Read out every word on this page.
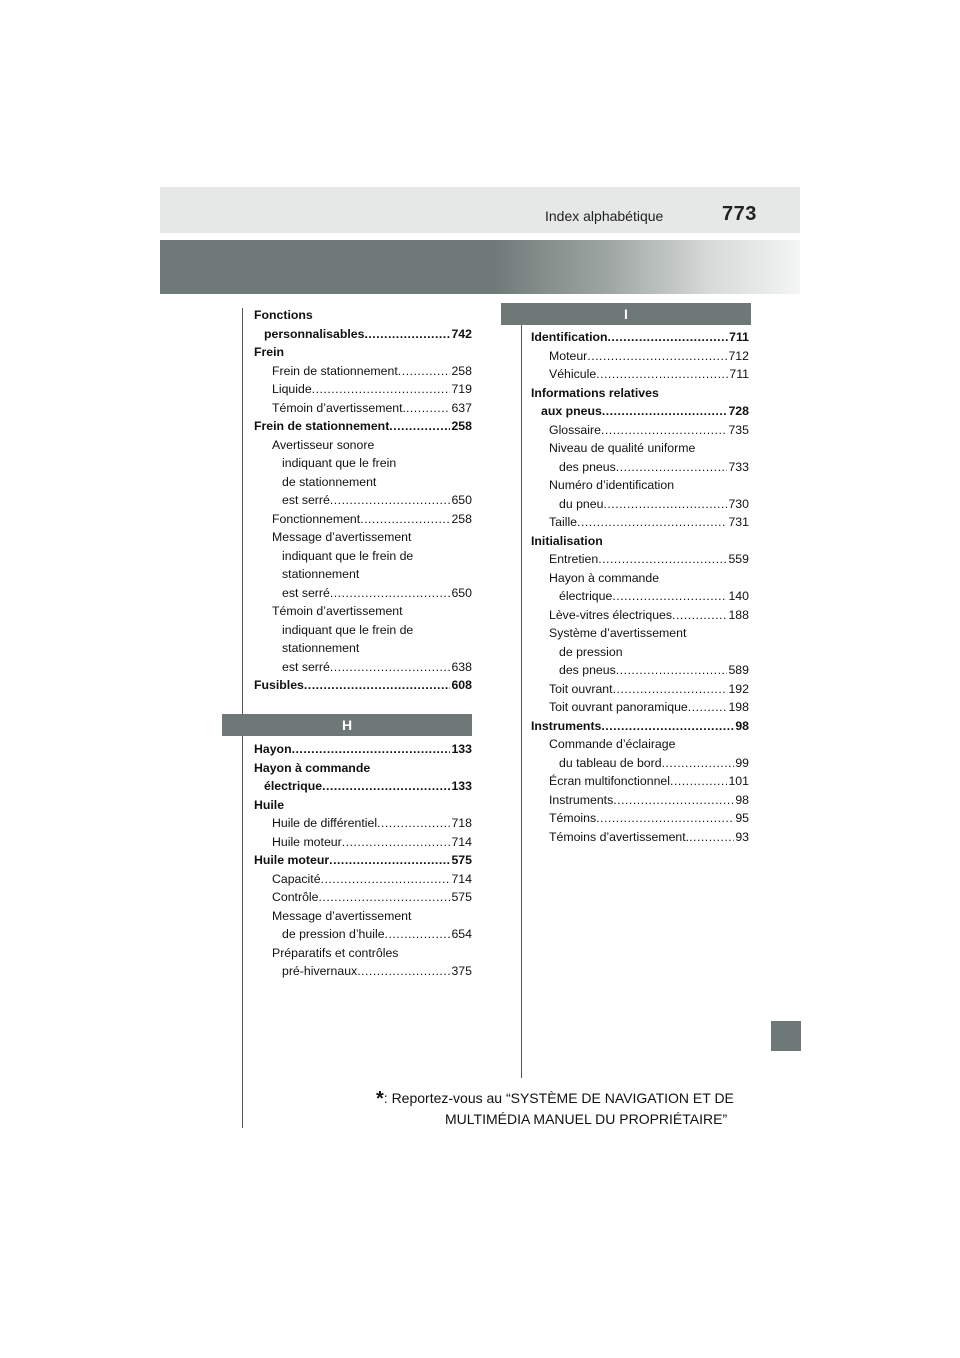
Index alphabétique	773
Fonctions
personnalisables .....	742
Frein
Frein de stationnement .....	258
Liquide .....	719
Témoin d’avertissement. .....	637
Frein de stationnement .....	258
Avertisseur sonore
indiquant que le frein
de stationnement
est serré .....	650
Fonctionnement .....	258
Message d’avertissement
indiquant que le frein de
stationnement
est serré .....	650
Témoin d’avertissement
indiquant que le frein de
stationnement
est serré .....	638
Fusibles .....	608
H
Hayon .....	133
Hayon à commande
électrique .....	133
Huile
Huile de différentiel .....	718
Huile moteur .....	714
Huile moteur .....	575
Capacité .....	714
Contrôle .....	575
Message d’avertissement
de pression d’huile .....	654
Préparatifs et contrôles
pré-hivernaux .....	375
I
Identification .....	711
Moteur .....	712
Véhicule .....	711
Informations relatives
aux pneus .....	728
Glossaire .....	735
Niveau de qualité uniforme
des pneus .....	733
Numéro d’identification
du pneu .....	730
Taille .....	731
Initialisation
Entretien .....	559
Hayon à commande
électrique .....	140
Lève-vitres électriques .....	188
Système d’avertissement
de pression
des pneus .....	589
Toit ouvrant .....	192
Toit ouvrant panoramique .....	198
Instruments .....	98
Commande d’éclairage
du tableau de bord .....	99
Écran multifonctionnel .....	101
Instruments .....	98
Témoins .....	95
Témoins d’avertissement. .....	93
*: Reportez-vous au “SYSTÈME DE NAVIGATION ET DE
MULTIMÉDIA MANUEL DU PROPRIÉTAIRE”
